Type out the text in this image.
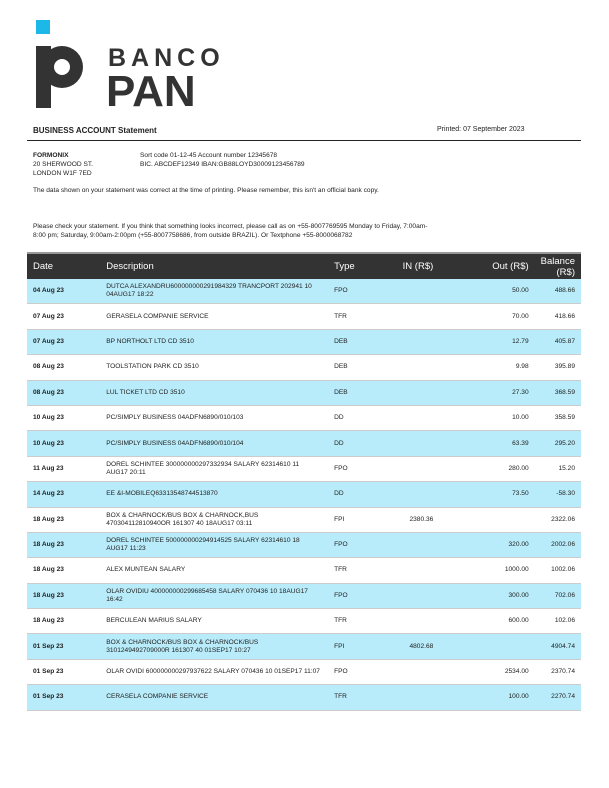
BANCO
PAN
BUSINESS ACCOUNT Statement	Printed: 07 September 2023
FORMONIX
20 SHERWOOD ST.
LONDON W1F 7ED
Sort code 01-12-45 Account number 12345678
BIC. ABCDEF12349 IBAN:GB88LOYD30009123456789
The data shown on your statement was correct at the time of printing. Please remember, this isn't an official bank copy.
Please check your statement. If you think that something looks incorrect, please call as on +55-8007769595 Monday to Friday, 7:00am-8:00 pm; Saturday, 9:00am-2:00pm (+55-8007758686, from outside BRAZIL). Or Textphone +55-8000068782
Date	Description	Type	IN (R$)	Out (R$)	Balance (R$)
04 Aug 23	DUTCA ALEXANDRU600000000291984329 TRANCPORT 202941 10 04AUG17 18:22	FPO		50.00	488.66
07 Aug 23	GERASELA COMPANIE SERVICE	TFR		70.00	418.66
07 Aug 23	BP NORTHOLT LTD CD 3510	DEB		12.79	405.87
08 Aug 23	TOOLSTATION PARK CD 3510	DEB		9.98	395.89
08 Aug 23	LUL TICKET LTD CD 3510	DEB		27.30	368.59
10 Aug 23	PC/SIMPLY BUSINESS 04ADFN6890/010/103	DD		10.00	358.59
10 Aug 23	PC/SIMPLY BUSINESS 04ADFN6890/010/104	DD		63.39	295.20
11 Aug 23	DOREL SCHINTEE 300000000297332934 SALARY 62314610 11 AUG17 20:11	FPO		280.00	15.20
14 Aug 23	EE &I-MOBILEQ63313548744513870	DD		73.50	-58.30
18 Aug 23	BOX & CHARNOCK/BUS BOX & CHARNOCK,BUS 470304112810940OR 161307 40 18AUG17 03:11	FPI	2380.36		2322.06
18 Aug 23	DOREL SCHINTEE 500000000294914525 SALARY 62314610 18 AUG17 11:23	FPO		320.00	2002.06
18 Aug 23	ALEX MUNTEAN SALARY	TFR		1000.00	1002.06
18 Aug 23	OLAR OVIDIU 400000000299685458 SALARY 070436 10 18AUG17 16:42	FPO		300.00	702.06
18 Aug 23	BERCULEAN MARIUS SALARY	TFR		600.00	102.06
01 Sep 23	BOX & CHARNOCK/BUS BOX & CHARNOCK/BUS 3101249492709000R 161307 40 01SEP17 10:27	FPI	4802.68		4904.74
01 Sep 23	OLAR OVIDI 600000000297937622 SALARY 070436 10 01SEP17 11:07	FPO		2534.00	2370.74
01 Sep 23	CERASELA COMPANIE SERVICE	TFR		100.00	2270.74
